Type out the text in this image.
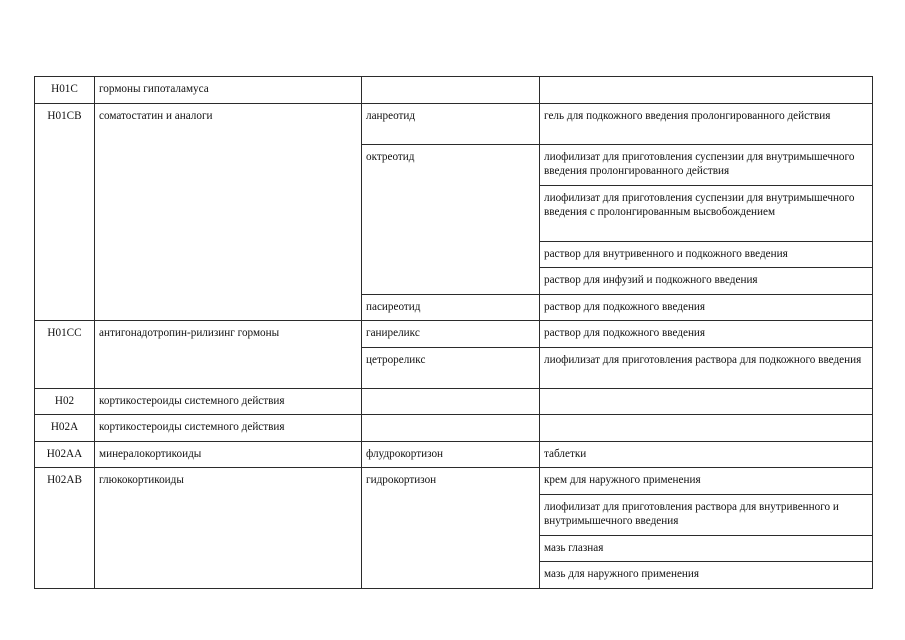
Н01С	гормоны гипоталамуса		
H01CB	соматостатин и аналоги	ланреотид	гель для подкожного введения пролонгированного действия
		октреотид	лиофилизат для приготовления суспензии для внутримышечного введения пролонгированного действия
			лиофилизат для приготовления суспензии для внутримышечного введения с пролонгированным высвобождением
			раствор для внутривенного и подкожного введения
			раствор для инфузий и подкожного введения
		пасиреотид	раствор для подкожного введения
Н01СС	антигонадотропин-рилизинг гормоны	ганиреликс	раствор для подкожного введения
		цетрореликс	лиофилизат для приготовления раствора для подкожного введения
Н02	кортикостероиды системного действия		
Н02А	кортикостероиды системного действия		
Н02АА	минералокортикоиды	флудрокортизон	таблетки
Н02АВ	глюкокортикоиды	гидрокортизон	крем для наружного применения
			лиофилизат для приготовления раствора для внутривенного и внутримышечного введения
			мазь глазная
			мазь для наружного применения
